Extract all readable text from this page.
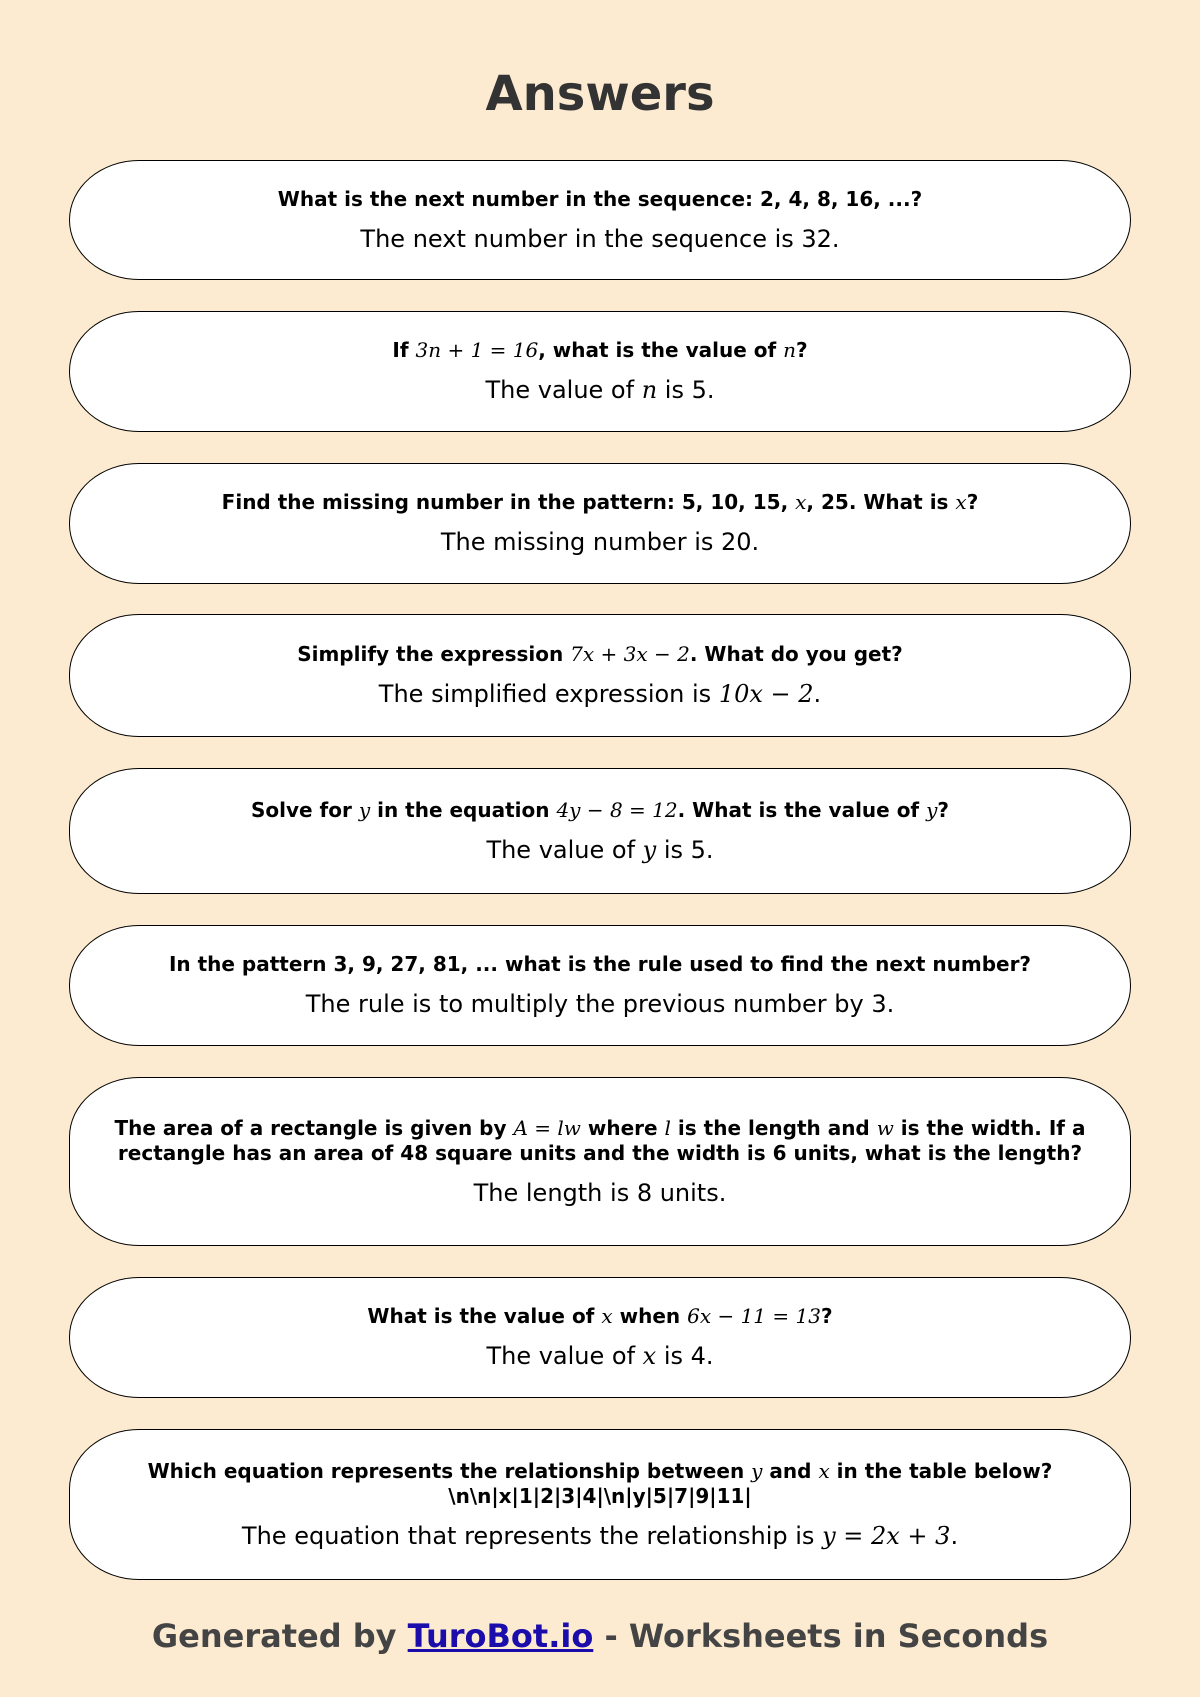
Answers
What is the next number in the sequence: 2, 4, 8, 16, ...?
The next number in the sequence is 32.
If 3n + 1 = 16, what is the value of n?
The value of n is 5.
Find the missing number in the pattern: 5, 10, 15, x, 25. What is x?
The missing number is 20.
Simplify the expression 7x + 3x − 2. What do you get?
The simplified expression is 10x − 2.
Solve for y in the equation 4y − 8 = 12. What is the value of y?
The value of y is 5.
In the pattern 3, 9, 27, 81, ... what is the rule used to find the next number?
The rule is to multiply the previous number by 3.
The area of a rectangle is given by A = lw where l is the length and w is the width. If a rectangle has an area of 48 square units and the width is 6 units, what is the length?
The length is 8 units.
What is the value of x when 6x − 11 = 13?
The value of x is 4.
Which equation represents the relationship between y and x in the table below?\n\n|x|1|2|3|4|\n|y|5|7|9|11|
The equation that represents the relationship is y = 2x + 3.
Generated by TuroBot.io - Worksheets in Seconds
